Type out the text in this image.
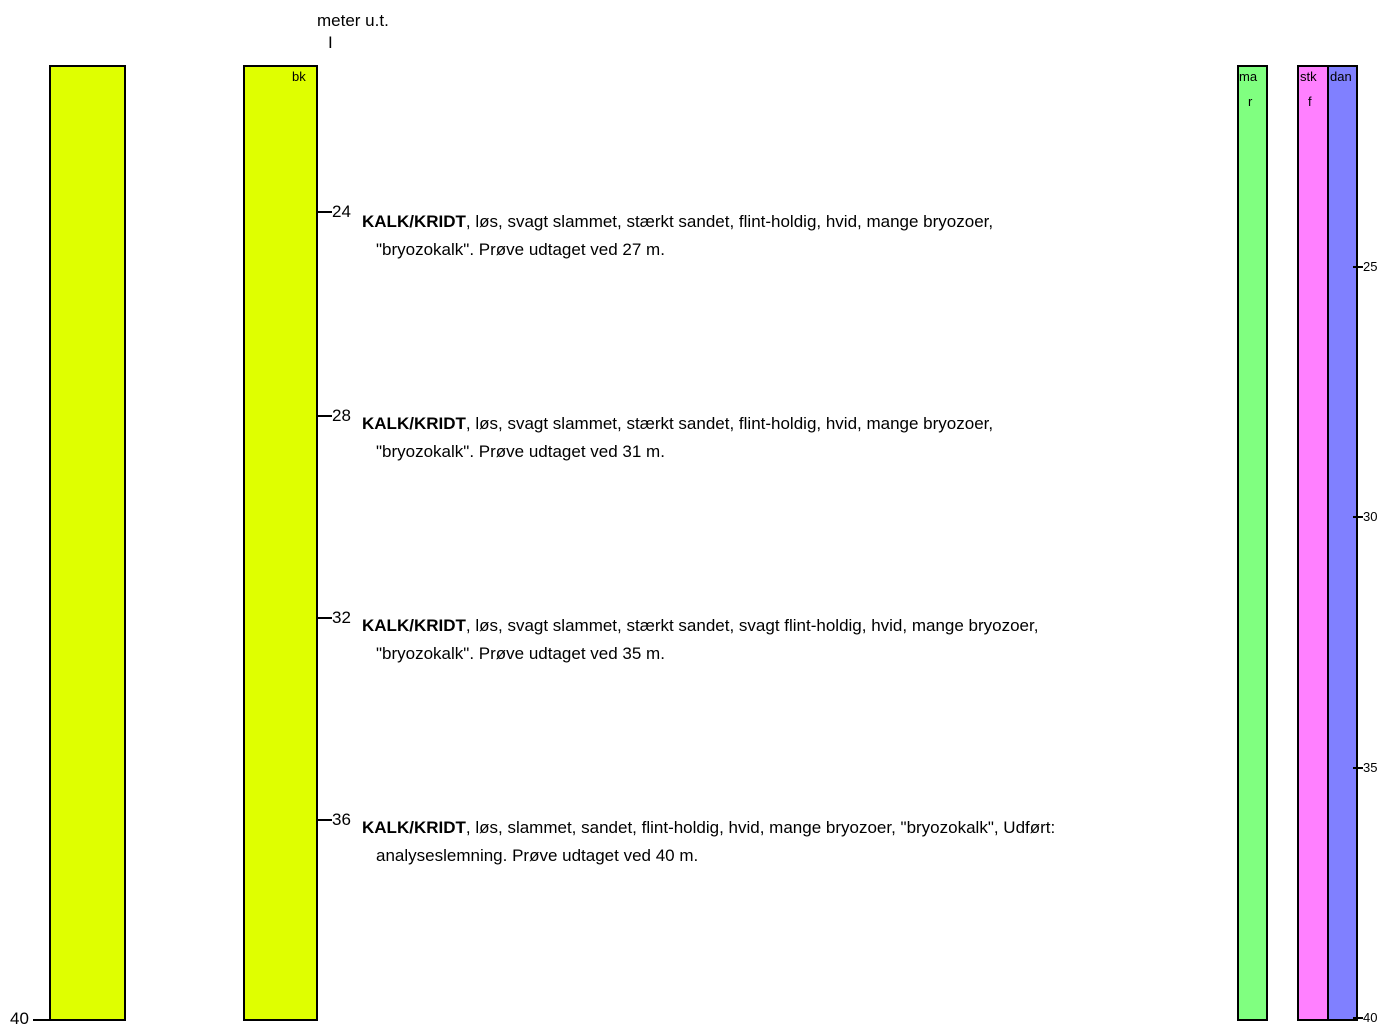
meter u.t.
I
bk
40
24
28
32
36
KALK/KRIDT, løs, svagt slammet, stærkt sandet, flint-holdig, hvid, mange bryozoer,
"bryozokalk". Prøve udtaget ved 27 m.
KALK/KRIDT, løs, svagt slammet, stærkt sandet, flint-holdig, hvid, mange bryozoer,
"bryozokalk". Prøve udtaget ved 31 m.
KALK/KRIDT, løs, svagt slammet, stærkt sandet, svagt flint-holdig, hvid, mange bryozoer,
"bryozokalk". Prøve udtaget ved 35 m.
KALK/KRIDT, løs, slammet, sandet, flint-holdig, hvid, mange bryozoer, "bryozokalk", Udført:
analyseslemning. Prøve udtaget ved 40 m.
ma
r
stk
f
dan
25
30
35
40
